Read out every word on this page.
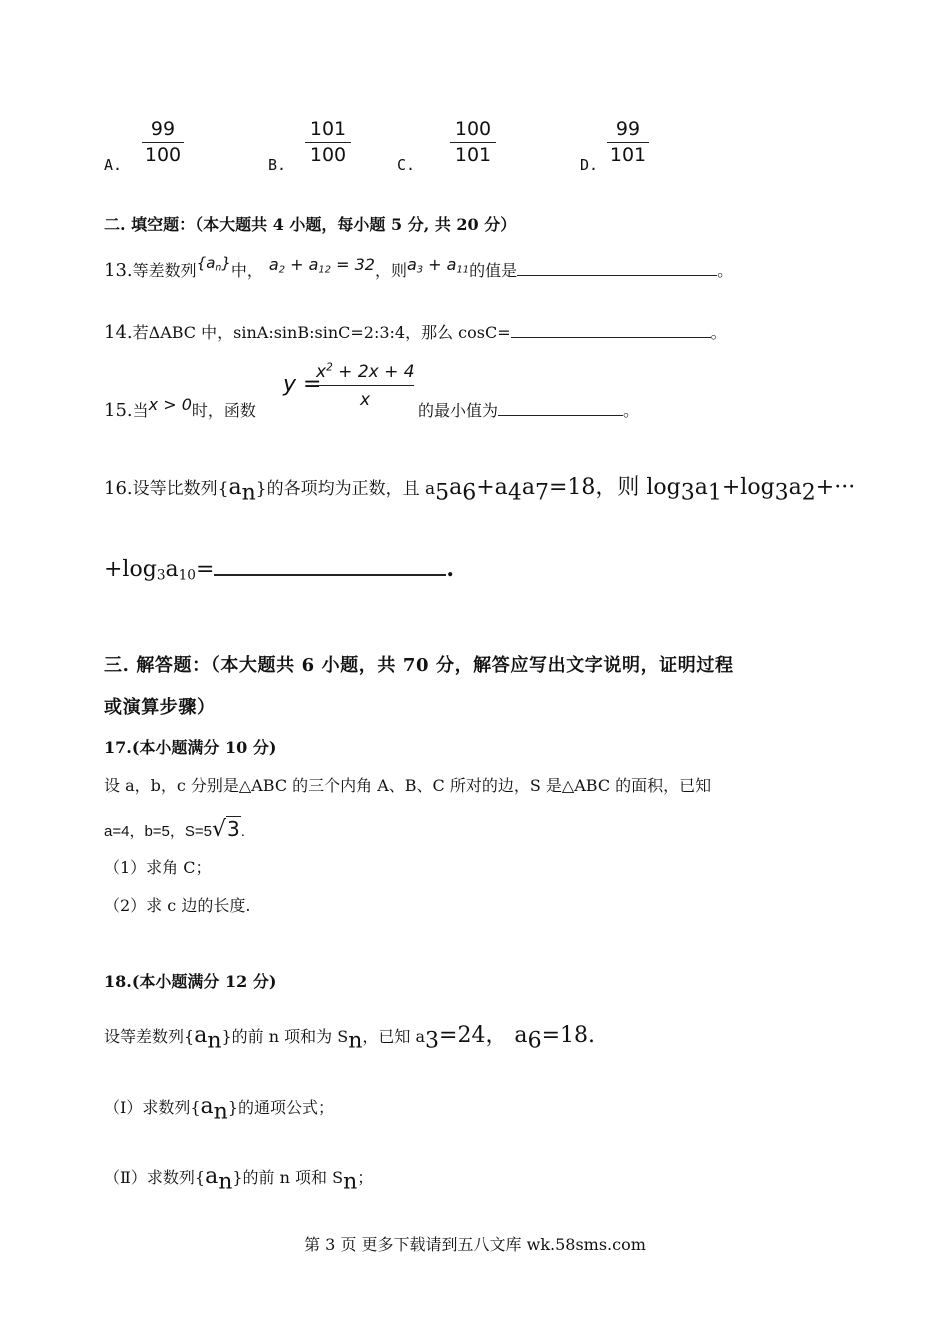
A. $\frac{99}{100}$	B. $\frac{101}{100}$	C. $\frac{100}{101}$	D. $\frac{99}{101}$
二. 填空题：（本大题共 4 小题，每小题 5 分, 共 20 分）
13.等差数列$\{a_n\}$中， $a_2 + a_{12} = 32$，则$a_3 + a_{11}$的值是	。
14.若ΔABC 中，sinA:sinB:sinC=2:3:4，那么 cosC=	。
15.当x > 0时，函数
y =
$\frac{x^2 + 2x + 4}{x}$
的最小值为	。
16.设等比数列$\{a_n\}$的各项均为正数，且 $a_5a_6+a_4a_7=18$，则 $\log_3a_1+\log_3a_2+\cdot\cdot\cdot$
$+\log_3a_{10}=$	.
三. 解答题：（本大题共 6 小题，共 70 分，解答应写出文字说明，证明过程
或演算步骤）
17.(本小题满分 10 分)
设 a，b，c 分别是△ABC 的三个内角 A、B、C 所对的边，S 是△ABC 的面积，已知
a=4，b=5，S=5√3.
（1）求角 C；
（2）求 c 边的长度.
18.(本小题满分 12 分)
设等差数列$\{a_n\}$的前 n 项和为 $S_n$，已知 $a_3=24$， $a_6=18$.
（Ⅰ）求数列$\{a_n\}$的通项公式；
（Ⅱ）求数列$\{a_n\}$的前 n 项和 $S_n$；
第 3 页 更多下载请到五八文库 wk.58sms.com
